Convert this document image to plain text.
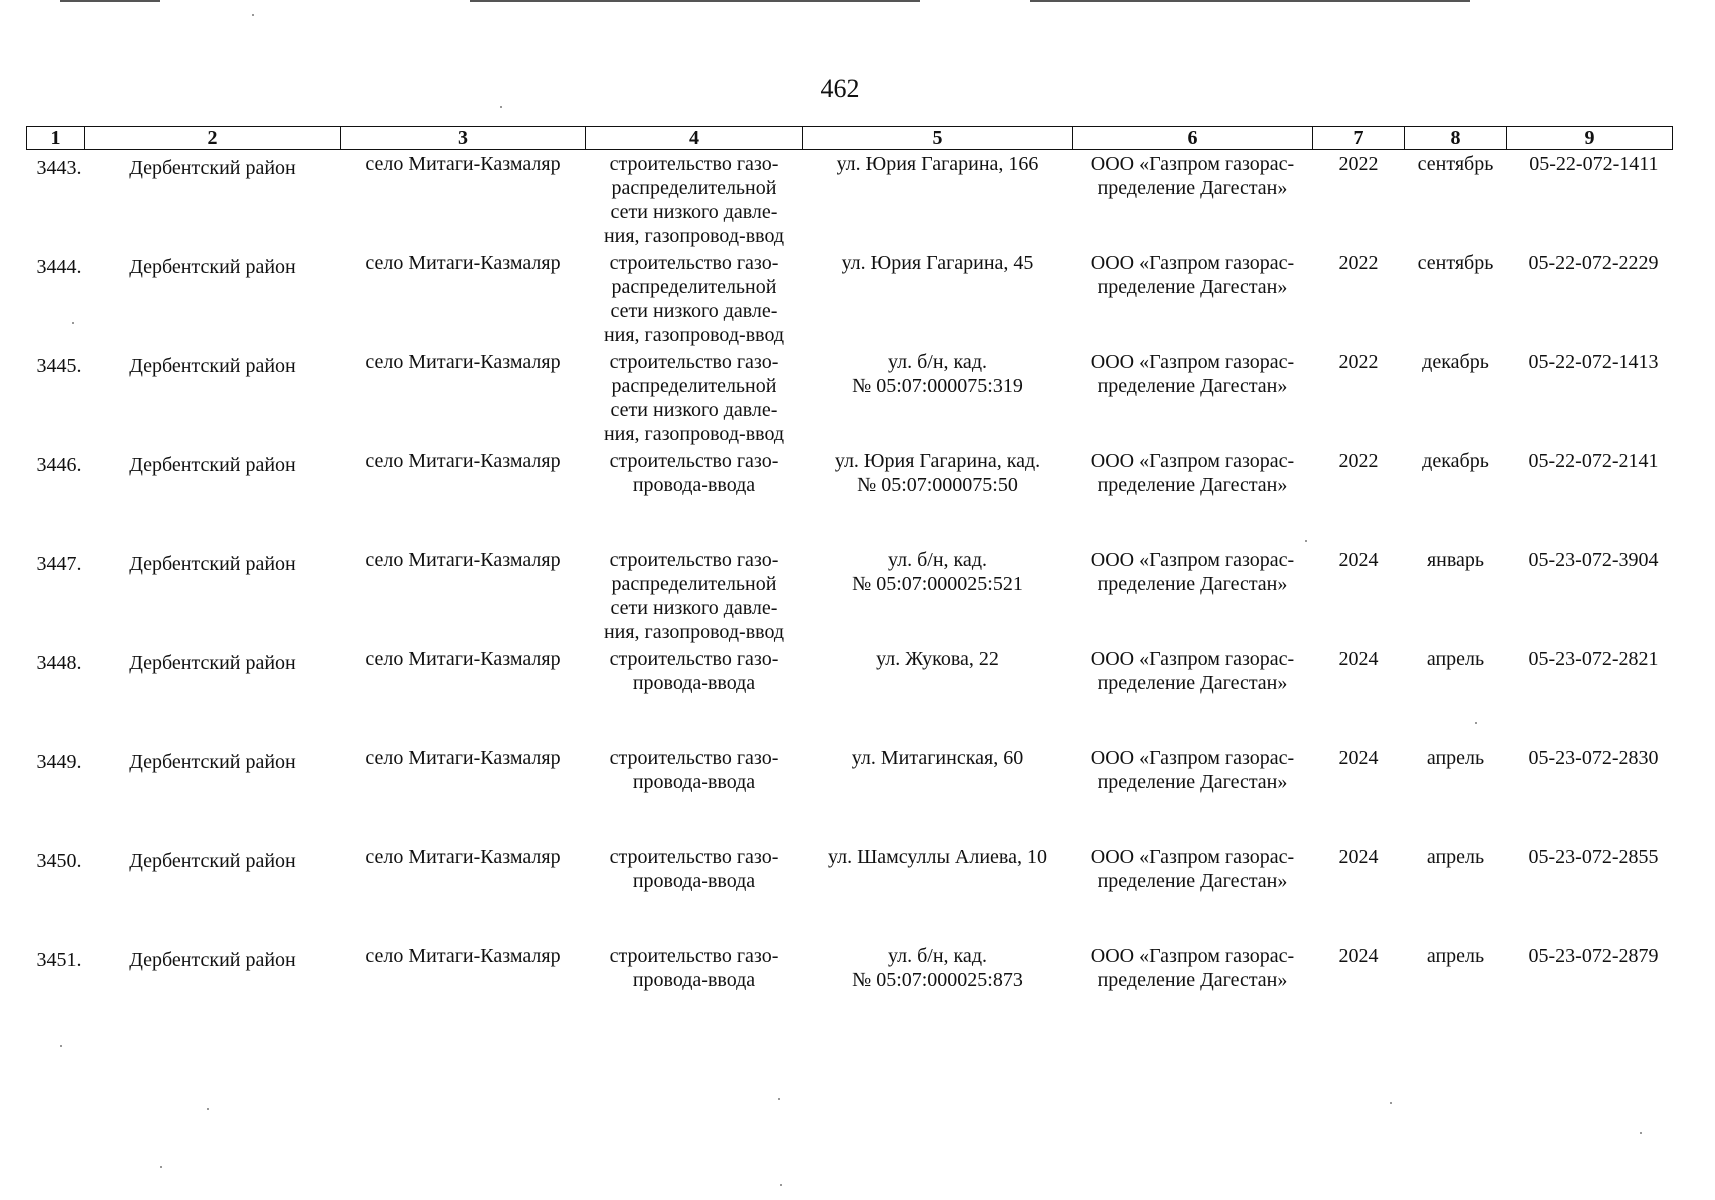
462
1	2	3	4	5	6	7	8	9
3443.	Дербентский район	село Митаги-Казмаляр	строительство газо-
распределительной
сети низкого давле-
ния, газопровод-ввод	ул. Юрия Гагарина, 166	ООО «Газпром газорас-
пределение Дагестан»	2022	сентябрь	05-22-072-1411
3444.	Дербентский район	село Митаги-Казмаляр	строительство газо-
распределительной
сети низкого давле-
ния, газопровод-ввод	ул. Юрия Гагарина, 45	ООО «Газпром газорас-
пределение Дагестан»	2022	сентябрь	05-22-072-2229
3445.	Дербентский район	село Митаги-Казмаляр	строительство газо-
распределительной
сети низкого давле-
ния, газопровод-ввод	ул. б/н, кад.
№ 05:07:000075:319	ООО «Газпром газорас-
пределение Дагестан»	2022	декабрь	05-22-072-1413
3446.	Дербентский район	село Митаги-Казмаляр	строительство газо-
провода-ввода	ул. Юрия Гагарина, кад.
№ 05:07:000075:50	ООО «Газпром газорас-
пределение Дагестан»	2022	декабрь	05-22-072-2141
3447.	Дербентский район	село Митаги-Казмаляр	строительство газо-
распределительной
сети низкого давле-
ния, газопровод-ввод	ул. б/н, кад.
№ 05:07:000025:521	ООО «Газпром газорас-
пределение Дагестан»	2024	январь	05-23-072-3904
3448.	Дербентский район	село Митаги-Казмаляр	строительство газо-
провода-ввода	ул. Жукова, 22	ООО «Газпром газорас-
пределение Дагестан»	2024	апрель	05-23-072-2821
3449.	Дербентский район	село Митаги-Казмаляр	строительство газо-
провода-ввода	ул. Митагинская, 60	ООО «Газпром газорас-
пределение Дагестан»	2024	апрель	05-23-072-2830
3450.	Дербентский район	село Митаги-Казмаляр	строительство газо-
провода-ввода	ул. Шамсуллы Алиева, 10	ООО «Газпром газорас-
пределение Дагестан»	2024	апрель	05-23-072-2855
3451.	Дербентский район	село Митаги-Казмаляр	строительство газо-
провода-ввода	ул. б/н, кад.
№ 05:07:000025:873	ООО «Газпром газорас-
пределение Дагестан»	2024	апрель	05-23-072-2879
